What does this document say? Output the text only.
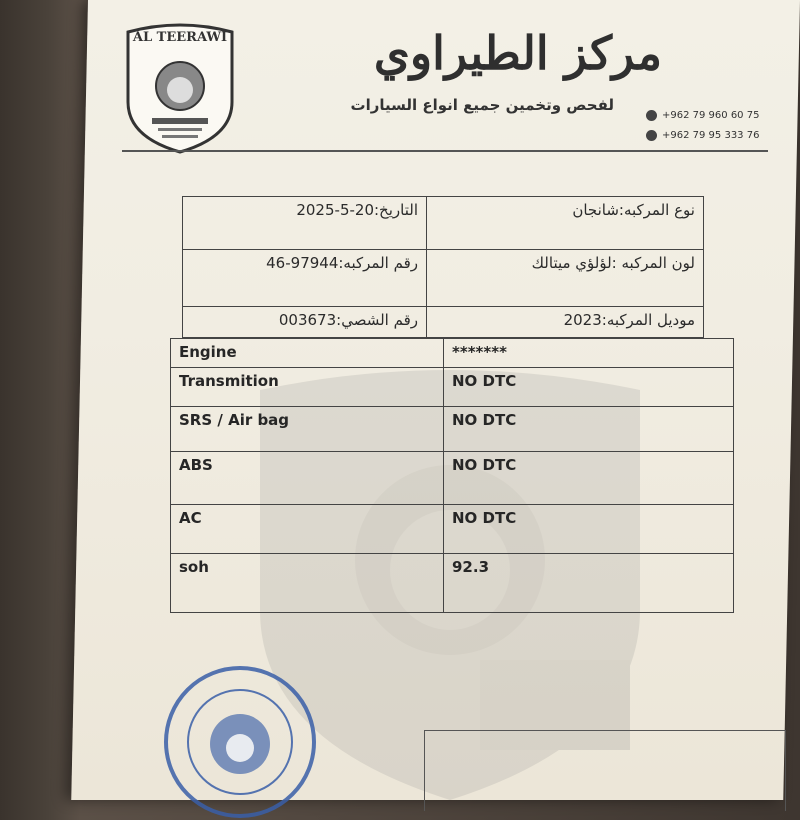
AL TEERAWI	مركز الطيراوي
لفحص وتخمين جميع انواع السيارات
+962 79 960 60 75
+962 79 95 333 76
نوع المركبه:شانجان	التاريخ:20-5-2025
لون المركبه :لؤلؤي ميتالك	رقم المركبه:97944-46
موديل المركبه:2023	رقم الشصي:003673
Engine	*******
Transmition	NO DTC
SRS / Air bag	NO DTC
ABS	NO DTC
AC	NO DTC
soh	92.3
